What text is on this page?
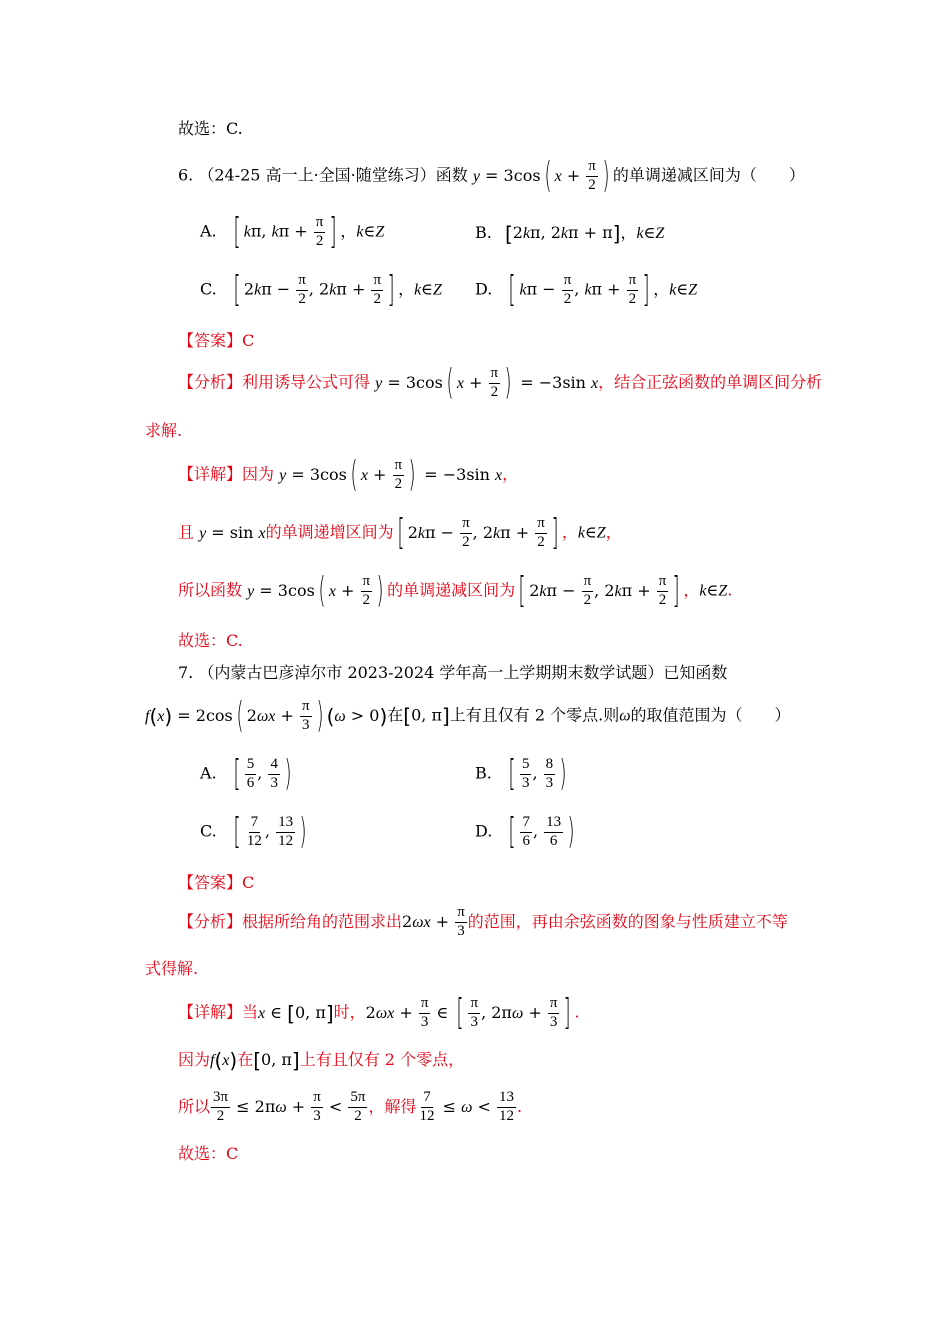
故选：C.
6. （24-25 高一上·全国·随堂练习）函数 y = 3cos( $x + \frac{\pi}{2}$ ) 的单调递减区间为（　　）
A. [ kπ, $k\pi + \frac{\pi}{2}$ ] ，k∈Z	B. [2kπ, 2kπ + π]，k∈Z
C. [ $2k\pi - \frac{\pi}{2}$ , $2k\pi + \frac{\pi}{2}$ ] ，k∈Z D. [ $k\pi - \frac{\pi}{2}$ , $k\pi + \frac{\pi}{2}$ ] ，k∈Z
【答案】C
【分析】利用诱导公式可得 y = 3cos( $x + \frac{\pi}{2}$ ) = −3sin x，结合正弦函数的单调区间分析
求解.
【详解】因为 y = 3cos( $x + \frac{\pi}{2}$ ) = −3sin x，
且 y = sin x的单调递增区间为[ $2k\pi - \frac{\pi}{2}$ , $2k\pi + \frac{\pi}{2}$ ] ，k∈Z，
所以函数 y = 3cos( $x + \frac{\pi}{2}$ ) 的单调递减区间为[ $2k\pi - \frac{\pi}{2}$ , $2k\pi + \frac{\pi}{2}$ ] ，k∈Z.
故选：C.
7. （内蒙古巴彦淖尔市 2023-2024 学年高一上学期期末数学试题）已知函数
f(x) = 2cos( $2\omega x + \frac{\pi}{3}$ ) (ω > 0)在[0, π]上有且仅有 2 个零点.则ω的取值范围为（　　）
A. [ $\frac{5}{6}$ , $\frac{4}{3}$ )	B. [ $\frac{5}{3}$ , $\frac{8}{3}$ )
C. [ $\frac{7}{12}$ , $\frac{13}{12}$ )	D. [ $\frac{7}{6}$ , $\frac{13}{6}$ )
【答案】C
【分析】根据所给角的范围求出$2\omega x + \frac{\pi}{3}$ 的范围，再由余弦函数的图象与性质建立不等
式得解.
【详解】当x ∈ [0, π]时，$2\omega x + \frac{\pi}{3}$ ∈ [ $\frac{\pi}{3}$ , $2\pi\omega + \frac{\pi}{3}$ ] .
因为f(x)在[0, π]上有且仅有 2 个零点，
所以 $\frac{3\pi}{2} \le 2\pi\omega + \frac{\pi}{3} < \frac{5\pi}{2}$ ，解得 $\frac{7}{12} \le \omega < \frac{13}{12}$ .
故选：C
